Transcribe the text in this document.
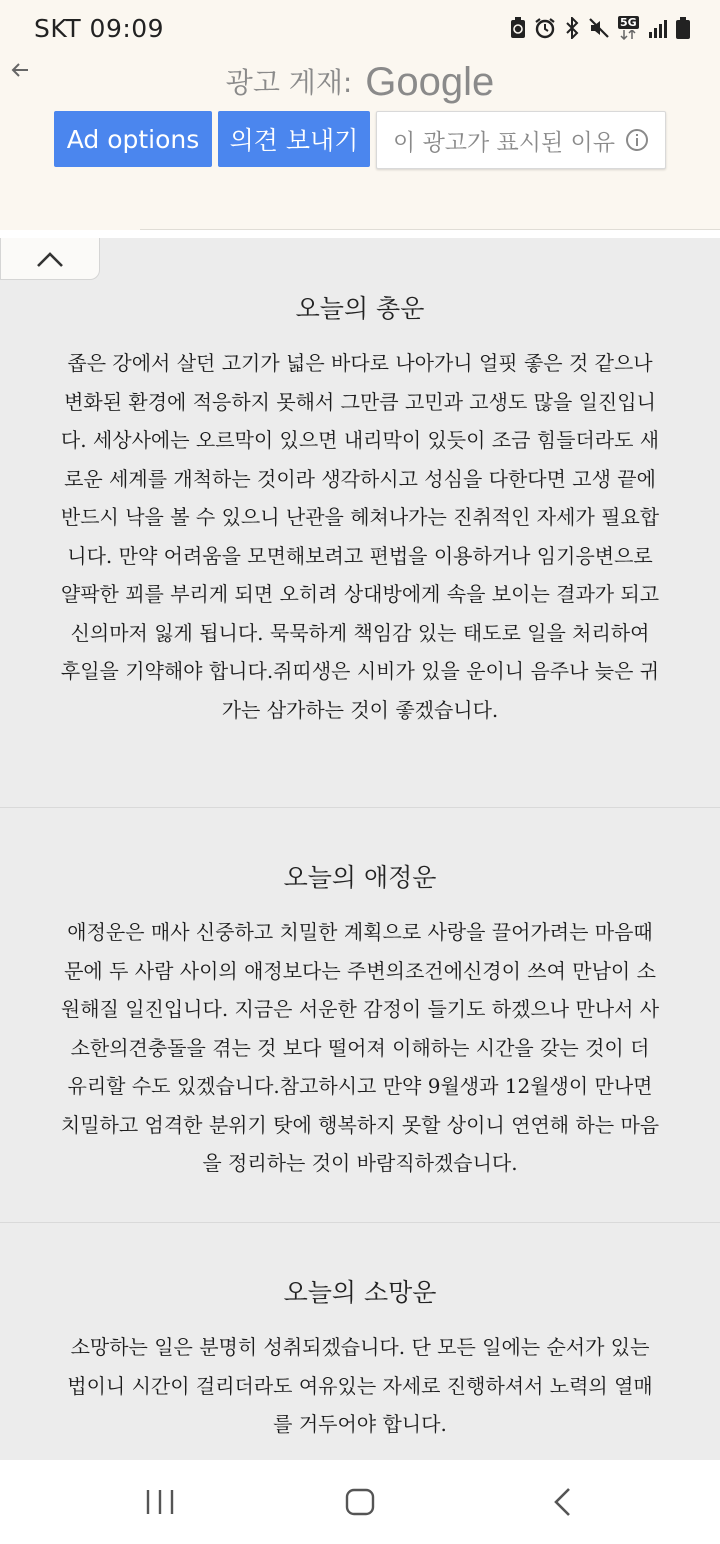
SKT 09:09	5G
광고 게재: Google
Ad options	의견 보내기	이 광고가 표시된 이유
오늘의 총운

좁은 강에서 살던 고기가 넓은 바다로 나아가니 얼핏 좋은 것 같으나 변화된 환경에 적응하지 못해서 그만큼 고민과 고생도 많을 일진입니다. 세상사에는 오르막이 있으면 내리막이 있듯이 조금 힘들더라도 새로운 세계를 개척하는 것이라 생각하시고 성심을 다한다면 고생 끝에 반드시 낙을 볼 수 있으니 난관을 헤쳐나가는 진취적인 자세가 필요합니다. 만약 어려움을 모면해보려고 편법을 이용하거나 임기응변으로 얄팍한 꾀를 부리게 되면 오히려 상대방에게 속을 보이는 결과가 되고 신의마저 잃게 됩니다. 묵묵하게 책임감 있는 태도로 일을 처리하여 후일을 기약해야 합니다.쥐띠생은 시비가 있을 운이니 음주나 늦은 귀가는 삼가하는 것이 좋겠습니다.

오늘의 애정운

애정운은 매사 신중하고 치밀한 계획으로 사랑을 끌어가려는 마음때문에 두 사람 사이의 애정보다는 주변의조건에신경이 쓰여 만남이 소원해질 일진입니다. 지금은 서운한 감정이 들기도 하겠으나 만나서 사소한의견충돌을 겪는 것 보다 떨어져 이해하는 시간을 갖는 것이 더 유리할 수도 있겠습니다.참고하시고 만약 9월생과 12월생이 만나면 치밀하고 엄격한 분위기 탓에 행복하지 못할 상이니 연연해 하는 마음을 정리하는 것이 바람직하겠습니다.

오늘의 소망운

소망하는 일은 분명히 성취되겠습니다. 단 모든 일에는 순서가 있는 법이니 시간이 걸리더라도 여유있는 자세로 진행하셔서 노력의 열매를 거두어야 합니다.
